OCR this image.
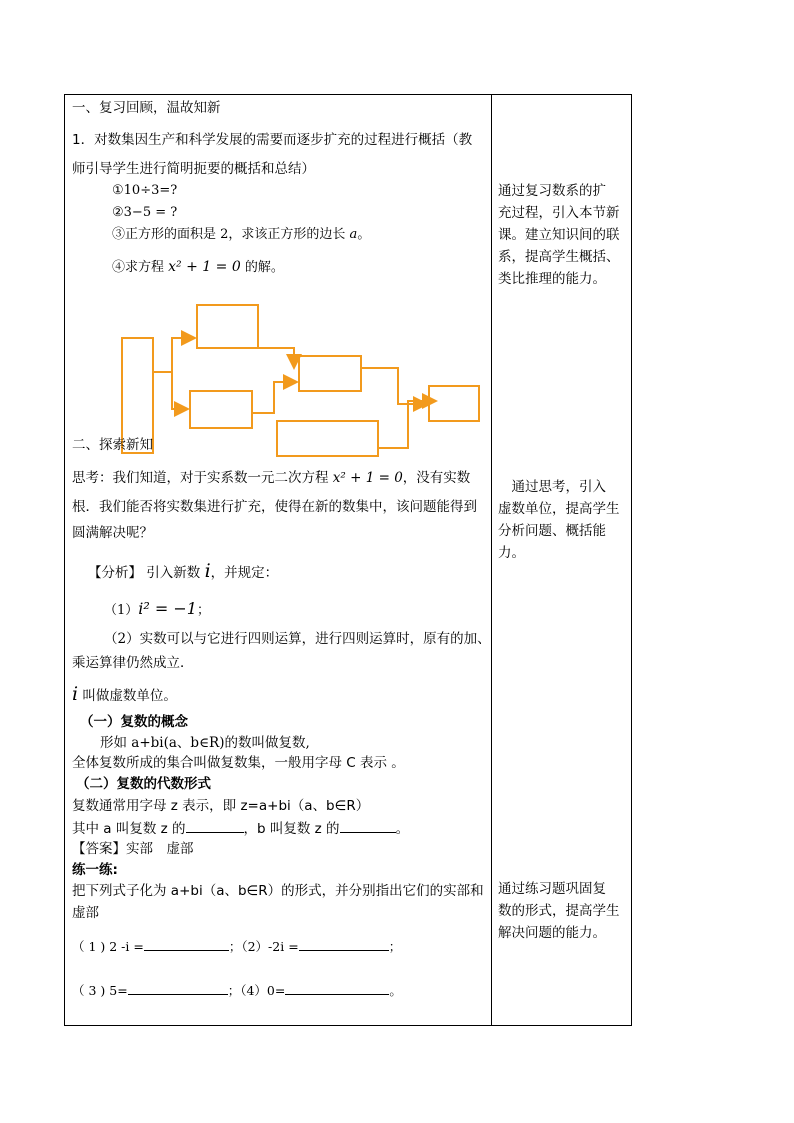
一、复习回顾，温故知新
1．对数集因生产和科学发展的需要而逐步扩充的过程进行概括（教
师引导学生进行简明扼要的概括和总结）
①10÷3=?
②3−5 = ?
③正方形的面积是 2，求该正方形的边长 a。
④求方程 x² + 1 = 0 的解。
二、探索新知
思考：我们知道，对于实系数一元二次方程 x² + 1 = 0，没有实数
根．我们能否将实数集进行扩充，使得在新的数集中，该问题能得到
圆满解决呢？
【分析】 引入新数 i，并规定：
（1）i² = −1；
（2）实数可以与它进行四则运算，进行四则运算时，原有的加、
乘运算律仍然成立．
i 叫做虚数单位。
（一）复数的概念
形如 a+bi(a、b∈R)的数叫做复数,
全体复数所成的集合叫做复数集，一般用字母 C 表示 。
（二）复数的代数形式
复数通常用字母 z 表示，即 z=a+bi（a、b∈R）
其中 a 叫复数 z 的	，b 叫复数 z 的	。
【答案】实部　虚部
练一练:
把下列式子化为 a+bi（a、b∈R）的形式，并分别指出它们的实部和
虚部
（ 1 ) 2 -i =	；（2）-2i =	；
（ 3 ) 5=	；（4）0=	。
通过复习数系的扩
充过程，引入本节新
课。建立知识间的联
系，提高学生概括、
类比推理的能力。
　通过思考，引入
虚数单位，提高学生
分析问题、概括能力。
通过练习题巩固复
数的形式，提高学生
解决问题的能力。
